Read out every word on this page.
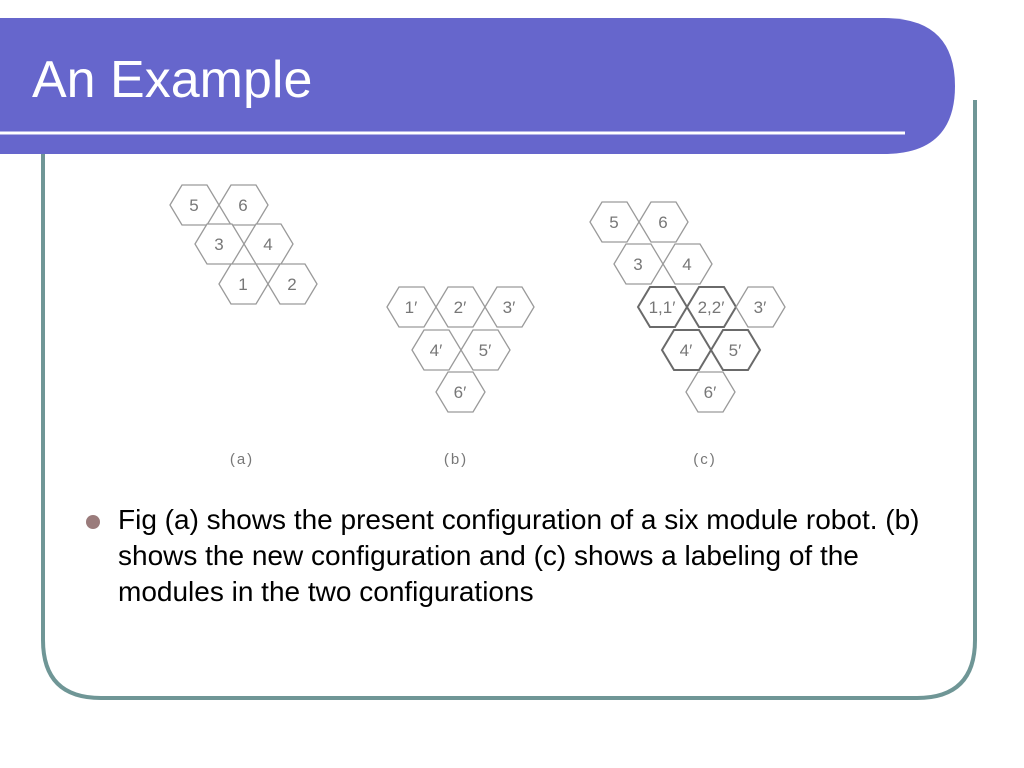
An Example
5 6
3 4
1 2
(a)
1′ 2′ 3′
4′ 5′
6′
(b)
5 6
3 4
1,1′ 2,2′ 3′
4′ 5′
6′
(c)
Fig (a) shows the present configuration of a six module robot. (b) shows the new configuration and (c) shows a labeling of the modules in the two configurations
